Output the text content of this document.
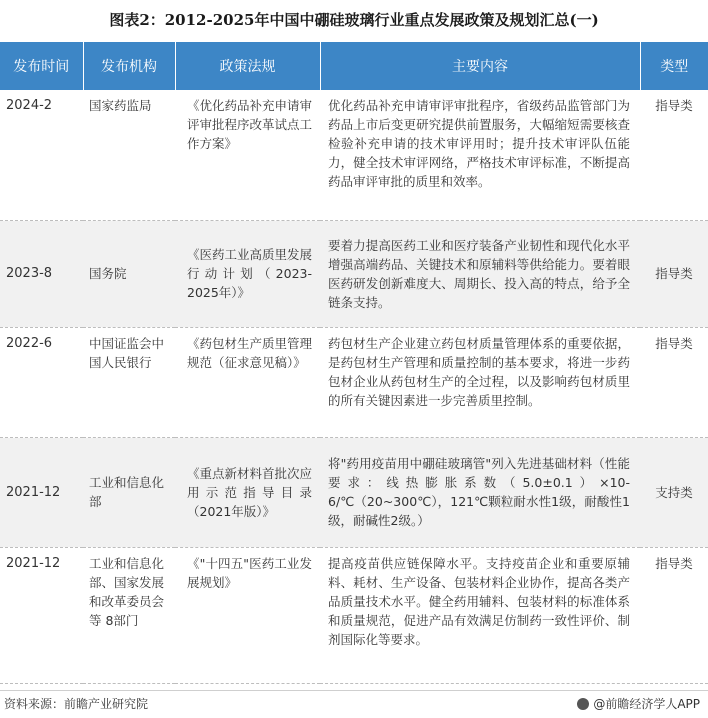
图表2：2012-2025年中国中硼硅玻璃行业重点发展政策及规划汇总(一)
发布时间	发布机构	政策法规	主要内容	类型
2024-2	国家药监局	《优化药品补充申请审评审批程序改革试点工作方案》	优化药品补充申请审评审批程序，省级药品监管部门为药品上市后变更研究提供前置服务，大幅缩短需要核查检验补充申请的技术审评用时；提升技术审评队伍能力，健全技术审评网络，严格技术审评标准，不断提高药品审评审批的质里和效率。	指导类
2023-8	国务院	《医药工业高质里发展行动计划（2023-2025年）》	要着力提高医药工业和医疗装备产业韧性和现代化水平增强高端药品、关键技术和原辅料等供给能力。要着眼医药研发创新难度大、周期长、投入高的特点，给予全链条支持。	指导类
2022-6	中国证监会中国人民银行	《药包材生产质里管理规范（征求意见稿）》	药包材生产企业建立药包材质量管理体系的重要依据，是药包材生产管理和质量控制的基本要求，将进一步药包材企业从药包材生产的全过程，以及影响药包材质里的所有关键因素进一步完善质里控制。	指导类
2021-12	工业和信息化部	《重点新材料首批次应用示范指导目录（2021年版）》	将"药用疫苗用中硼硅玻璃管"列入先进基础材料（性能要求：线热膨胀系数（5.0±0.1）×10-6/℃（20~300℃），121℃颗粒耐水性1级，耐酸性1级，耐碱性2级。）	支持类
2021-12	工业和信息化部、国家发展和改革委员会等 8部门	《"十四五"医药工业发展规划》	提高疫苗供应链保障水平。支持疫苗企业和重要原辅料、耗材、生产设备、包装材料企业协作，提高各类产品质量技术水平。健全药用辅料、包装材料的标准体系和质量规范，促进产品有效满足仿制药一致性评价、制剂国际化等要求。	指导类
资料来源：前瞻产业研究院	@前瞻经济学人APP
